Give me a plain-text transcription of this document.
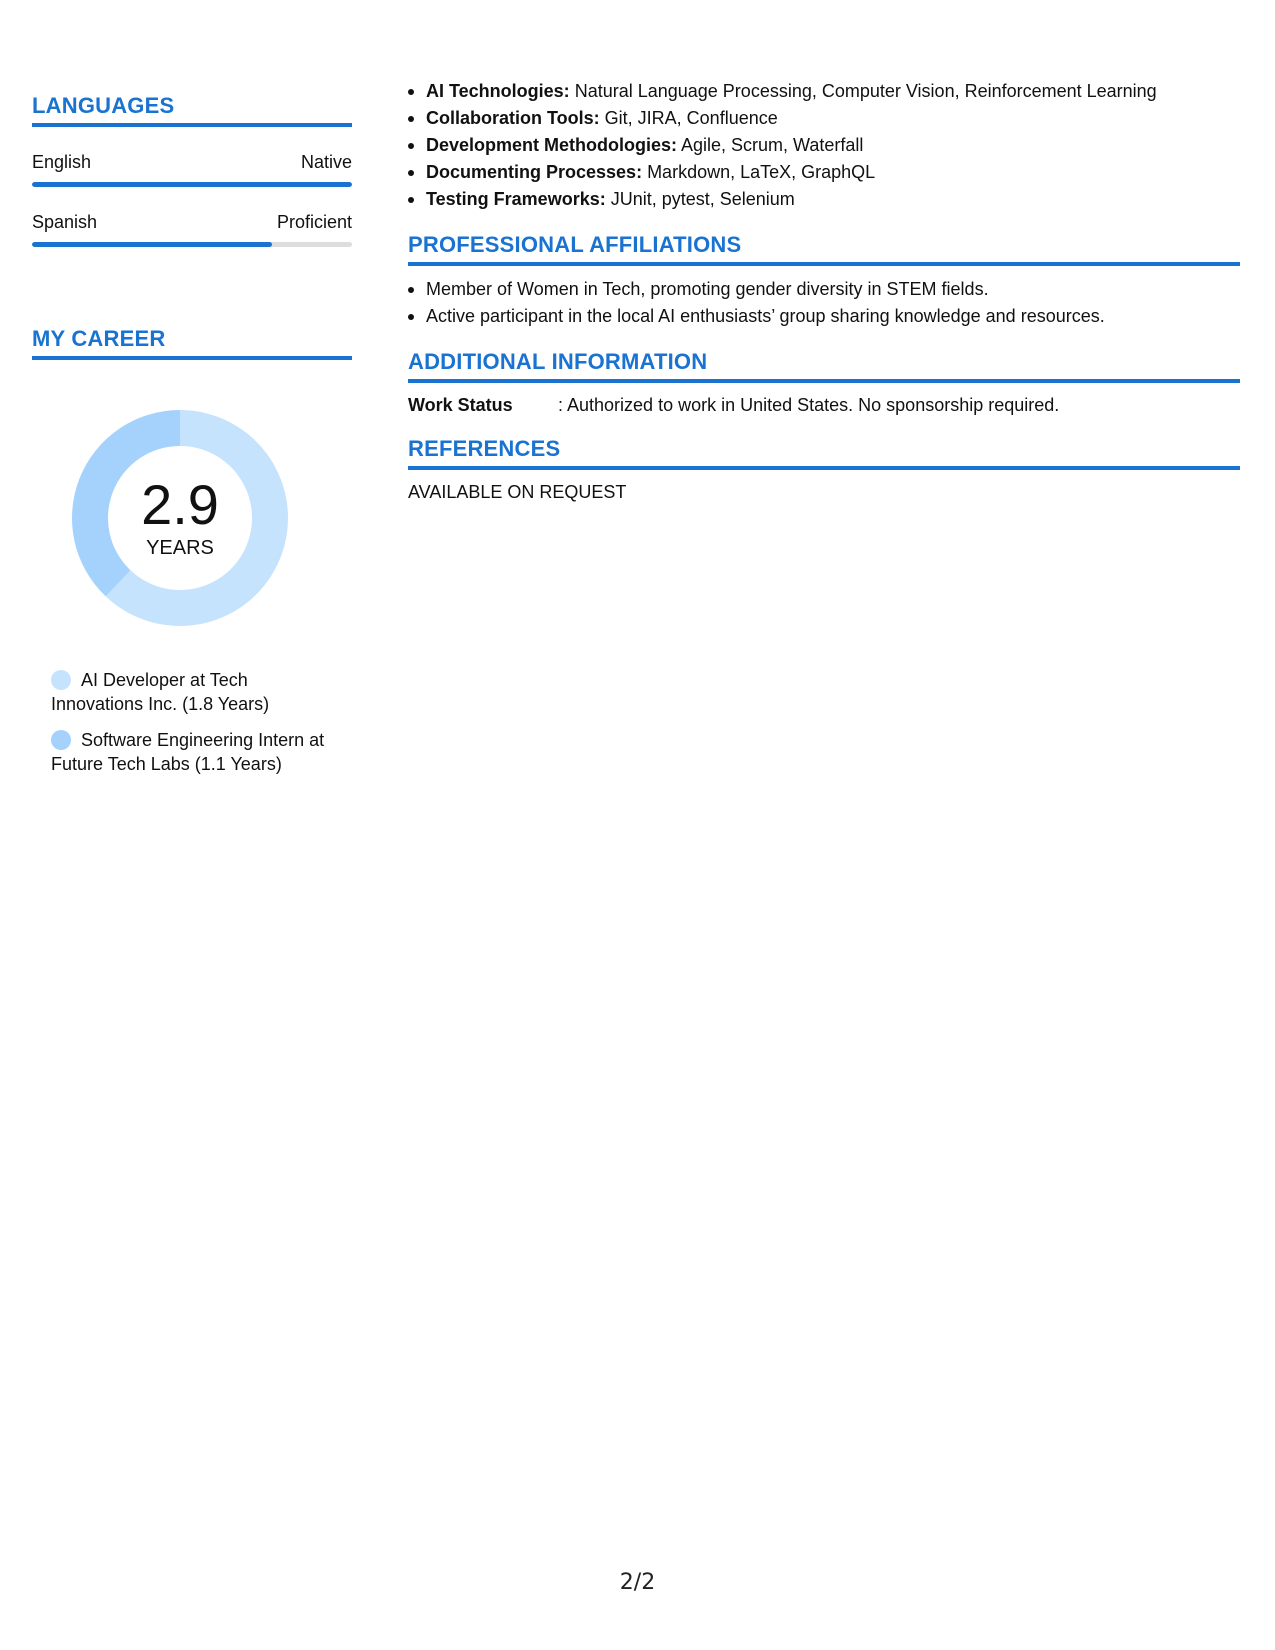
LANGUAGES
English	Native
Spanish	Proficient
MY CAREER
2.9
YEARS
AI Developer at Tech Innovations Inc. (1.8 Years)
Software Engineering Intern at Future Tech Labs (1.1 Years)
AI Technologies: Natural Language Processing, Computer Vision, Reinforcement Learning
Collaboration Tools: Git, JIRA, Confluence
Development Methodologies: Agile, Scrum, Waterfall
Documenting Processes: Markdown, LaTeX, GraphQL
Testing Frameworks: JUnit, pytest, Selenium
PROFESSIONAL AFFILIATIONS
Member of Women in Tech, promoting gender diversity in STEM fields.
Active participant in the local AI enthusiasts’ group sharing knowledge and resources.
ADDITIONAL INFORMATION
Work Status	: Authorized to work in United States. No sponsorship required.
REFERENCES
AVAILABLE ON REQUEST
2/2
